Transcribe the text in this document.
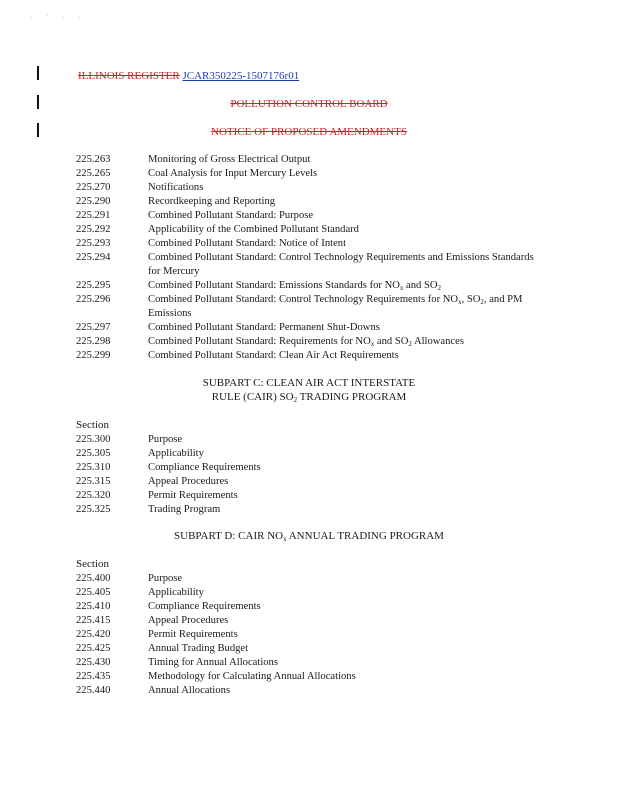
· ˙ · ·
ILLINOIS REGISTER JCAR350225-1507176r01
POLLUTION CONTROL BOARD
NOTICE OF PROPOSED AMENDMENTS
225.263	Monitoring of Gross Electrical Output
225.265	Coal Analysis for Input Mercury Levels
225.270	Notifications
225.290	Recordkeeping and Reporting
225.291	Combined Pollutant Standard: Purpose
225.292	Applicability of the Combined Pollutant Standard
225.293	Combined Pollutant Standard: Notice of Intent
225.294	Combined Pollutant Standard: Control Technology Requirements and Emissions Standards for Mercury
225.295	Combined Pollutant Standard: Emissions Standards for $NO_x$ and $SO_2$
225.296	Combined Pollutant Standard: Control Technology Requirements for $NO_x$, $SO_2$, and PM Emissions
225.297	Combined Pollutant Standard: Permanent Shut-Downs
225.298	Combined Pollutant Standard: Requirements for $NO_x$ and $SO_2$ Allowances
225.299	Combined Pollutant Standard: Clean Air Act Requirements
SUBPART C: CLEAN AIR ACT INTERSTATE
RULE (CAIR) $SO_2$ TRADING PROGRAM
Section
225.300	Purpose
225.305	Applicability
225.310	Compliance Requirements
225.315	Appeal Procedures
225.320	Permit Requirements
225.325	Trading Program
SUBPART D: CAIR $NO_x$ ANNUAL TRADING PROGRAM
Section
225.400	Purpose
225.405	Applicability
225.410	Compliance Requirements
225.415	Appeal Procedures
225.420	Permit Requirements
225.425	Annual Trading Budget
225.430	Timing for Annual Allocations
225.435	Methodology for Calculating Annual Allocations
225.440	Annual Allocations
